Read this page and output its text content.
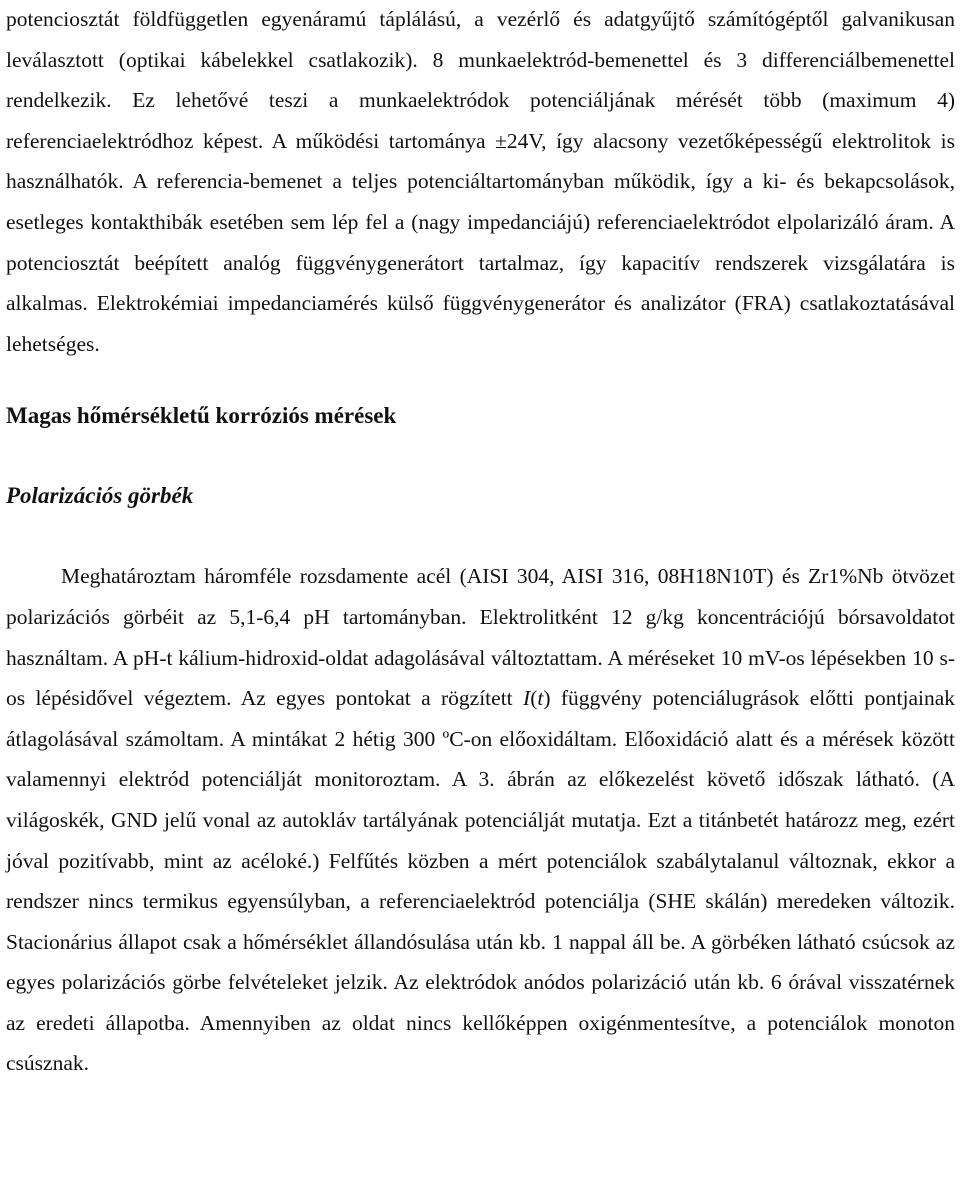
potenciosztát földfüggetlen egyenáramú táplálású, a vezérlő és adatgyűjtő számítógéptől galvanikusan leválasztott (optikai kábelekkel csatlakozik). 8 munkaelektród-bemenettel és 3 differenciálbemenettel rendelkezik. Ez lehetővé teszi a munkaelektródok potenciáljának mérését több (maximum 4) referenciaelektródhoz képest. A működési tartománya ±24V, így alacsony vezetőképességű elektrolitok is használhatók. A referencia-bemenet a teljes potenciáltartományban működik, így a ki- és bekapcsolások, esetleges kontakthibák esetében sem lép fel a (nagy impedanciájú) referenciaelektródot elpolarizáló áram. A potenciosztát beépített analóg függvénygenerátort tartalmaz, így kapacitív rendszerek vizsgálatára is alkalmas. Elektrokémiai impedanciamérés külső függvénygenerátor és analizátor (FRA) csatlakoztatásával lehetséges.

Magas hőmérsékletű korróziós mérések
Polarizációs görbék

Meghatároztam háromféle rozsdamente acél (AISI 304, AISI 316, 08H18N10T) és Zr1%Nb ötvözet polarizációs görbéit az 5,1-6,4 pH tartományban. Elektrolitként 12 g/kg koncentrációjú bórsavoldatot használtam. A pH-t kálium-hidroxid-oldat adagolásával változtattam. A méréseket 10 mV-os lépésekben 10 s-os lépésidővel végeztem. Az egyes pontokat a rögzített I(t) függvény potenciálugrások előtti pontjainak átlagolásával számoltam. A mintákat 2 hétig 300 ºC-on előoxidáltam. Előoxidáció alatt és a mérések között valamennyi elektród potenciálját monitoroztam. A 3. ábrán az előkezelést követő időszak látható. (A világoskék, GND jelű vonal az autokláv tartályának potenciálját mutatja. Ezt a titánbetét határozz meg, ezért jóval pozitívabb, mint az acéloké.) Felfűtés közben a mért potenciálok szabálytalanul változnak, ekkor a rendszer nincs termikus egyensúlyban, a referenciaelektród potenciálja (SHE skálán) meredeken változik. Stacionárius állapot csak a hőmérséklet állandósulása után kb. 1 nappal áll be. A görbéken látható csúcsok az egyes polarizációs görbe felvételeket jelzik. Az elektródok anódos polarizáció után kb. 6 órával visszatérnek az eredeti állapotba. Amennyiben az oldat nincs kellőképpen oxigénmentesítve, a potenciálok monoton csúsznak.
